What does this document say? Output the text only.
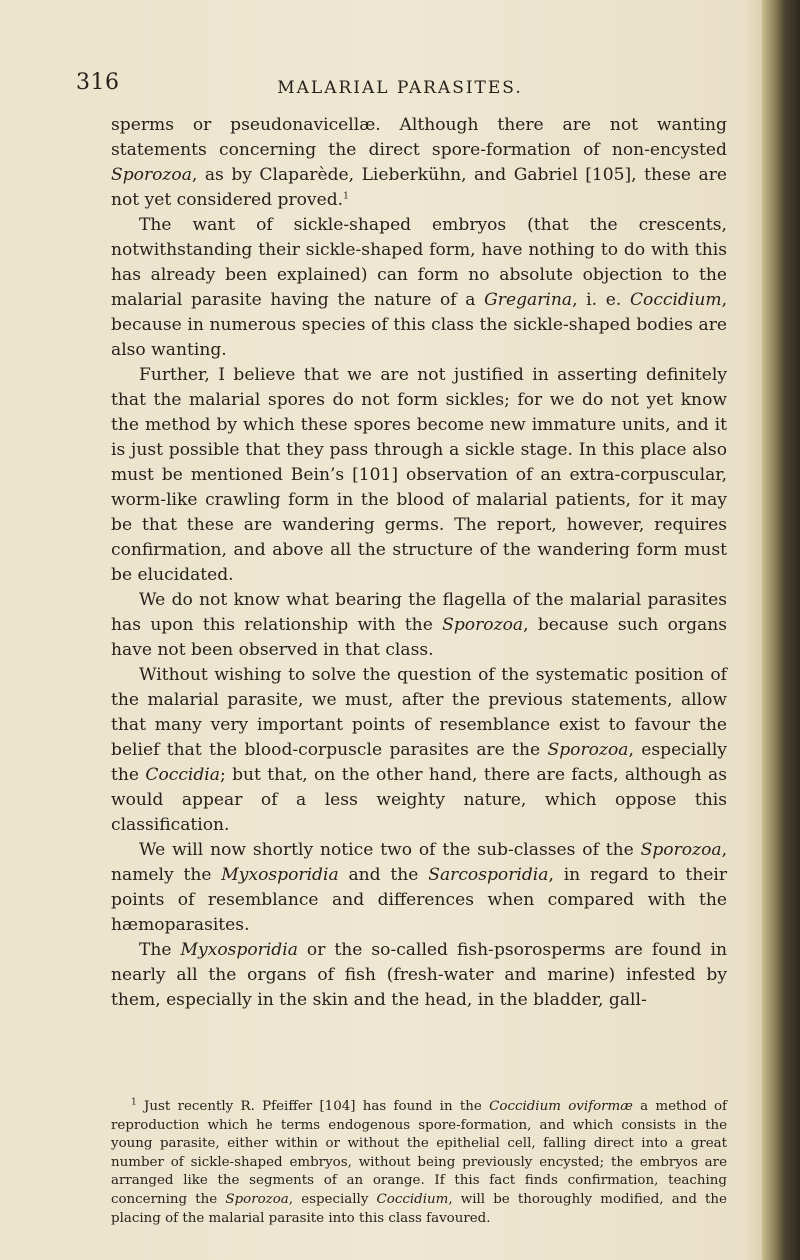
316	MALARIAL PARASITES.

sperms or pseudonavicellæ. Although there are not wanting statements concerning the direct spore-formation of non-encysted Sporozoa, as by Claparède, Lieberkühn, and Gabriel [105], these are not yet considered proved.$^1$

The want of sickle-shaped embryos (that the crescents, notwithstanding their sickle-shaped form, have nothing to do with this has already been explained) can form no absolute objection to the malarial parasite having the nature of a Gregarina, i. e. Coccidium, because in numerous species of this class the sickle-shaped bodies are also wanting.

Further, I believe that we are not justified in asserting definitely that the malarial spores do not form sickles; for we do not yet know the method by which these spores become new immature units, and it is just possible that they pass through a sickle stage. In this place also must be mentioned Bein’s [101] observation of an extra-corpuscular, worm-like crawling form in the blood of malarial patients, for it may be that these are wandering germs. The report, however, requires confirmation, and above all the structure of the wandering form must be elucidated.

We do not know what bearing the flagella of the malarial parasites has upon this relationship with the Sporozoa, because such organs have not been observed in that class.

Without wishing to solve the question of the systematic position of the malarial parasite, we must, after the previous statements, allow that many very important points of resemblance exist to favour the belief that the blood-corpuscle parasites are the Sporozoa, especially the Coccidia; but that, on the other hand, there are facts, although as would appear of a less weighty nature, which oppose this classification.

We will now shortly notice two of the sub-classes of the Sporozoa, namely the Myxosporidia and the Sarcosporidia, in regard to their points of resemblance and differences when compared with the hæmoparasites.

The Myxosporidia or the so-called fish-psorosperms are found in nearly all the organs of fish (fresh-water and marine) infested by them, especially in the skin and the head, in the bladder, gall-

$^1$ Just recently R. Pfeiffer [104] has found in the Coccidium oviformæ a method of reproduction which he terms endogenous spore-formation, and which consists in the young parasite, either within or without the epithelial cell, falling direct into a great number of sickle-shaped embryos, without being previously encysted; the embryos are arranged like the segments of an orange. If this fact finds confirmation, teaching concerning the Sporozoa, especially Coccidium, will be thoroughly modified, and the placing of the malarial parasite into this class favoured.
